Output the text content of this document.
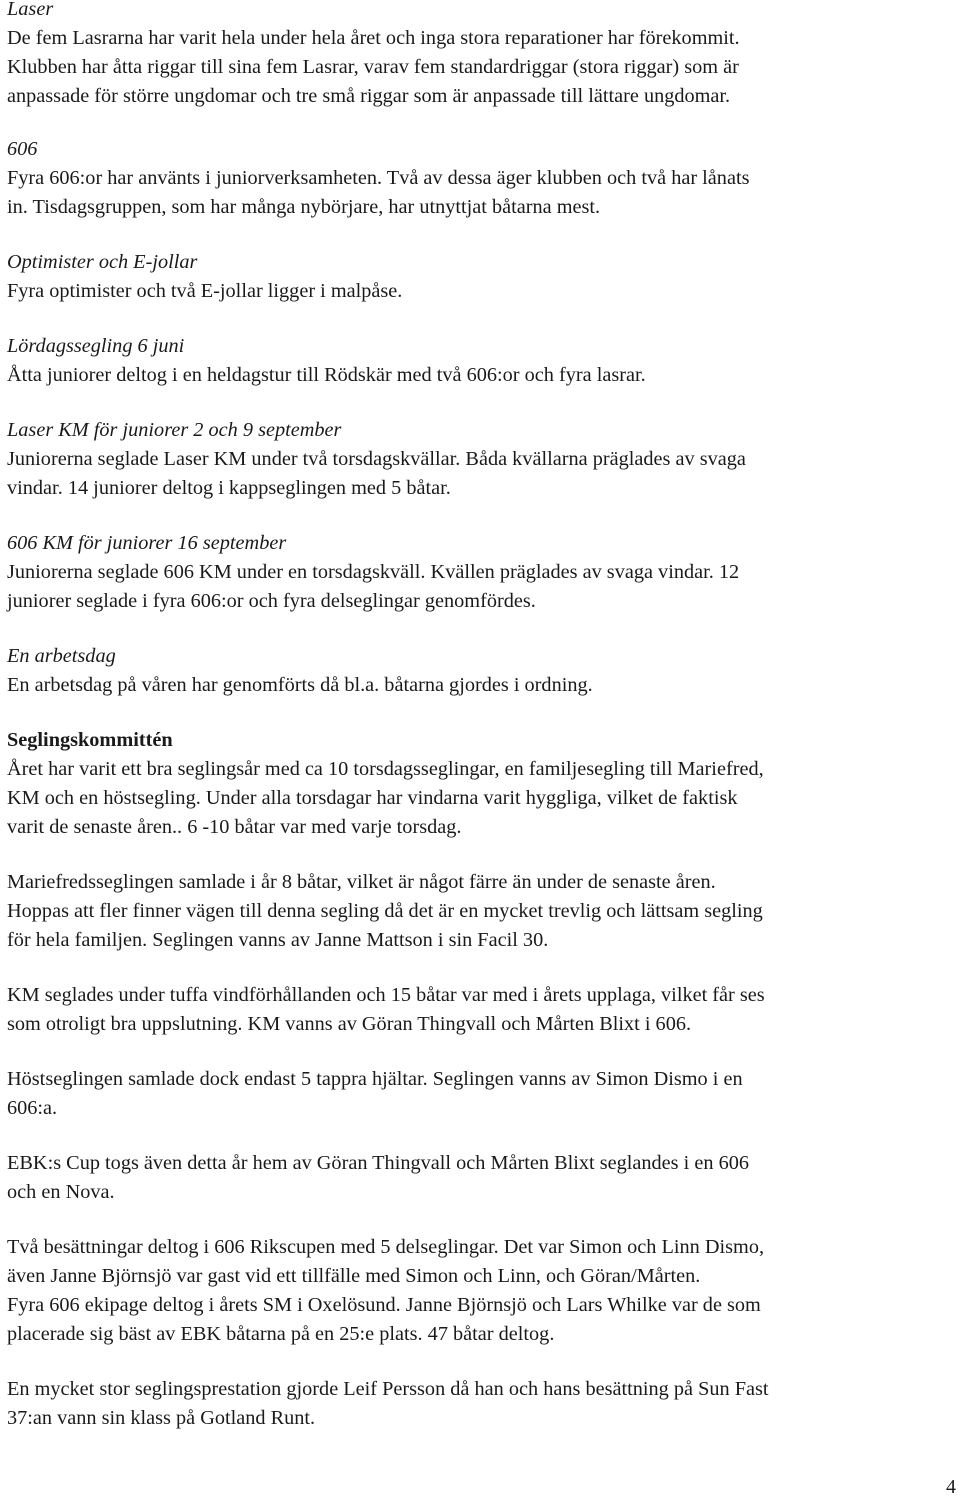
Laser

De fem Lasrarna har varit hela under hela året och inga stora reparationer har förekommit.

Klubben har åtta riggar till sina fem Lasrar, varav fem standardriggar (stora riggar) som är

anpassade för större ungdomar och tre små riggar som är anpassade till lättare ungdomar.

606

Fyra 606:or har använts i juniorverksamheten. Två av dessa äger klubben och två har lånats

in. Tisdagsgruppen, som har många nybörjare, har utnyttjat båtarna mest.

Optimister och E-jollar

Fyra optimister och två E-jollar ligger i malpåse.

Lördagssegling 6 juni

Åtta juniorer deltog i en heldagstur till Rödskär med två 606:or och fyra lasrar.

Laser KM för juniorer 2 och 9 september

Juniorerna seglade Laser KM under två torsdagskvällar. Båda kvällarna präglades av svaga

vindar. 14 juniorer deltog i kappseglingen med 5 båtar.

606 KM för juniorer 16 september

Juniorerna seglade 606 KM under en torsdagskväll. Kvällen präglades av svaga vindar. 12

juniorer seglade i fyra 606:or och fyra delseglingar genomfördes.

En arbetsdag

En arbetsdag på våren har genomförts då bl.a. båtarna gjordes i ordning.

Seglingskommittén

Året har varit ett bra seglingsår med ca 10 torsdagsseglingar, en familjesegling till Mariefred,

KM och en höstsegling. Under alla torsdagar har vindarna varit hyggliga, vilket de faktisk

varit de senaste åren.. 6 -10 båtar var med varje torsdag.

Mariefredsseglingen samlade i år 8 båtar, vilket är något färre än under de senaste åren.

Hoppas att fler finner vägen till denna segling då det är en mycket trevlig och lättsam segling

för hela familjen. Seglingen vanns av Janne Mattson i sin Facil 30.

KM seglades under tuffa vindförhållanden och 15 båtar var med i årets upplaga, vilket får ses

som otroligt bra uppslutning. KM vanns av Göran Thingvall och Mårten Blixt i 606.

Höstseglingen samlade dock endast 5 tappra hjältar. Seglingen vanns av Simon Dismo i en

606:a.

EBK:s Cup togs även detta år hem av Göran Thingvall och Mårten Blixt seglandes i en 606

och en Nova.

Två besättningar deltog i 606 Rikscupen med 5 delseglingar. Det var Simon och Linn Dismo,

även Janne Björnsjö var gast vid ett tillfälle med Simon och Linn, och Göran/Mårten.

Fyra 606 ekipage deltog i årets SM i Oxelösund. Janne Björnsjö och Lars Whilke var de som

placerade sig bäst av EBK båtarna på en 25:e plats. 47 båtar deltog.

En mycket stor seglingsprestation gjorde Leif Persson då han och hans besättning på Sun Fast

37:an vann sin klass på Gotland Runt.

4
